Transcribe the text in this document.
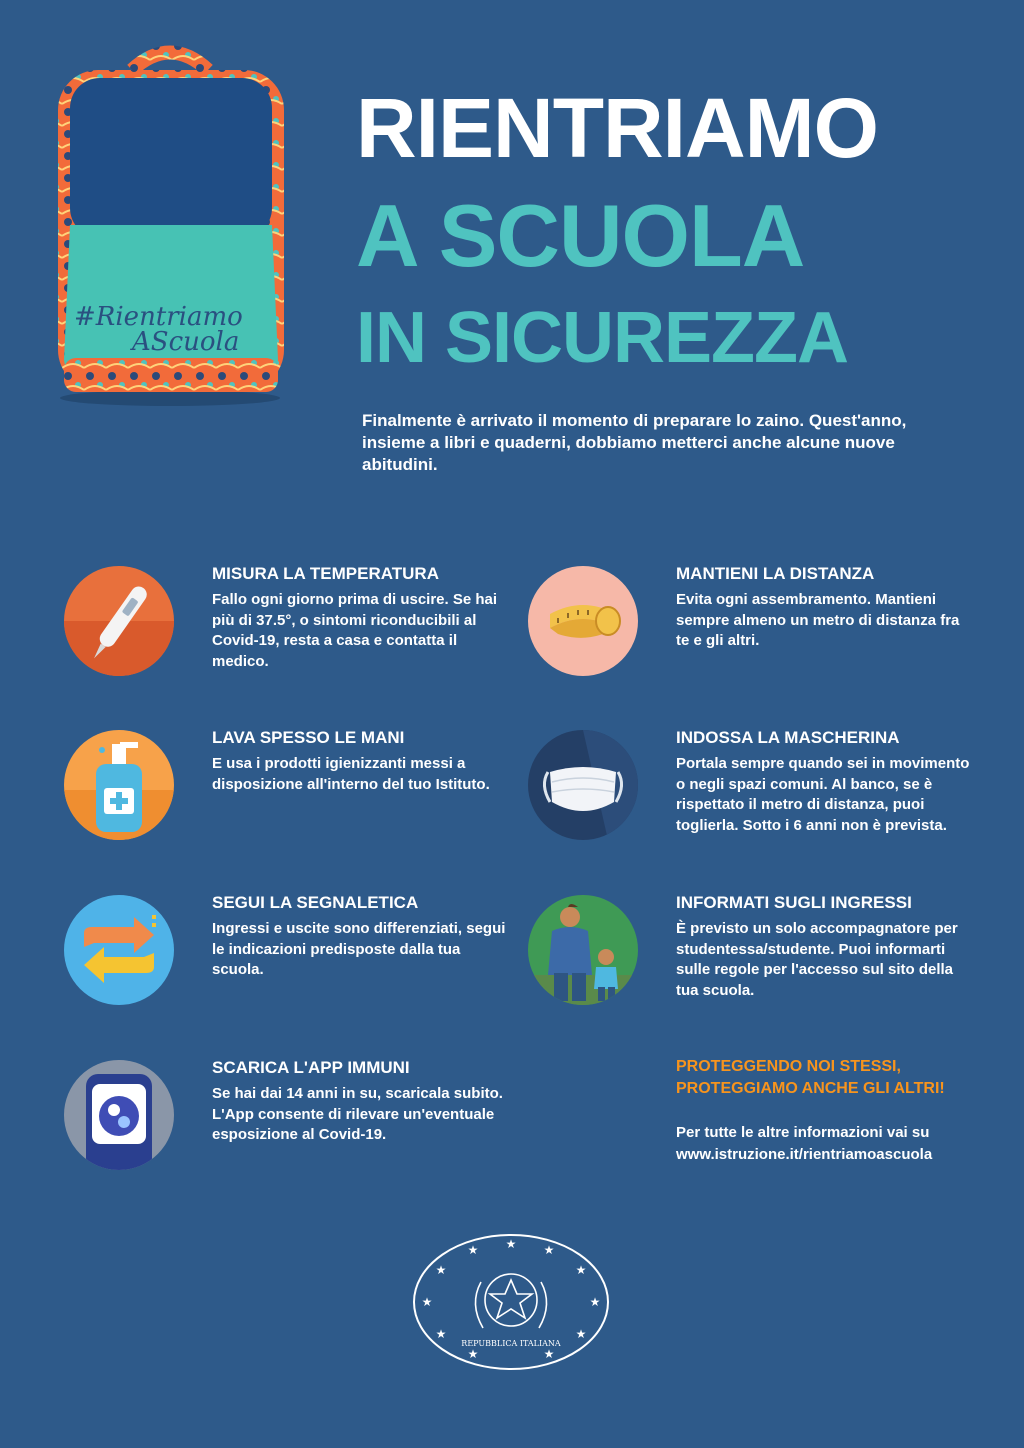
#Rientriamo
AScuola
RIENTRIAMO
A SCUOLA
IN SICUREZZA

Finalmente è arrivato il momento di preparare lo zaino. Quest'anno, insieme a libri e quaderni, dobbiamo metterci anche alcune nuove abitudini.

MISURA LA TEMPERATURA

Fallo ogni giorno prima di uscire. Se hai più di 37.5°, o sintomi riconducibili al Covid-19, resta a casa e contatta il medico.

MANTIENI LA DISTANZA

Evita ogni assembramento. Mantieni sempre almeno un metro di distanza fra te e gli altri.

LAVA SPESSO LE MANI

E usa i prodotti igienizzanti messi a disposizione all'interno del tuo Istituto.

INDOSSA LA MASCHERINA

Portala sempre quando sei in movimento o negli spazi comuni. Al banco, se è rispettato il metro di distanza, puoi toglierla. Sotto i 6 anni non è prevista.

SEGUI LA SEGNALETICA

Ingressi e uscite sono differenziati, segui le indicazioni predisposte dalla tua scuola.

INFORMATI SUGLI INGRESSI

È previsto un solo accompagnatore per studentessa/studente. Puoi informarti sulle regole per l'accesso sul sito della tua scuola.

SCARICA L'APP IMMUNI

Se hai dai 14 anni in su, scaricala subito. L'App consente di rilevare un'eventuale esposizione al Covid-19.

PROTEGGENDO NOI STESSI,
PROTEGGIAMO ANCHE GLI ALTRI!

Per tutte le altre informazioni vai su
www.istruzione.it/rientriamoascuola

★
★	★
★	★
★	★
★	★
★	★
REPUBBLICA ITALIANA
